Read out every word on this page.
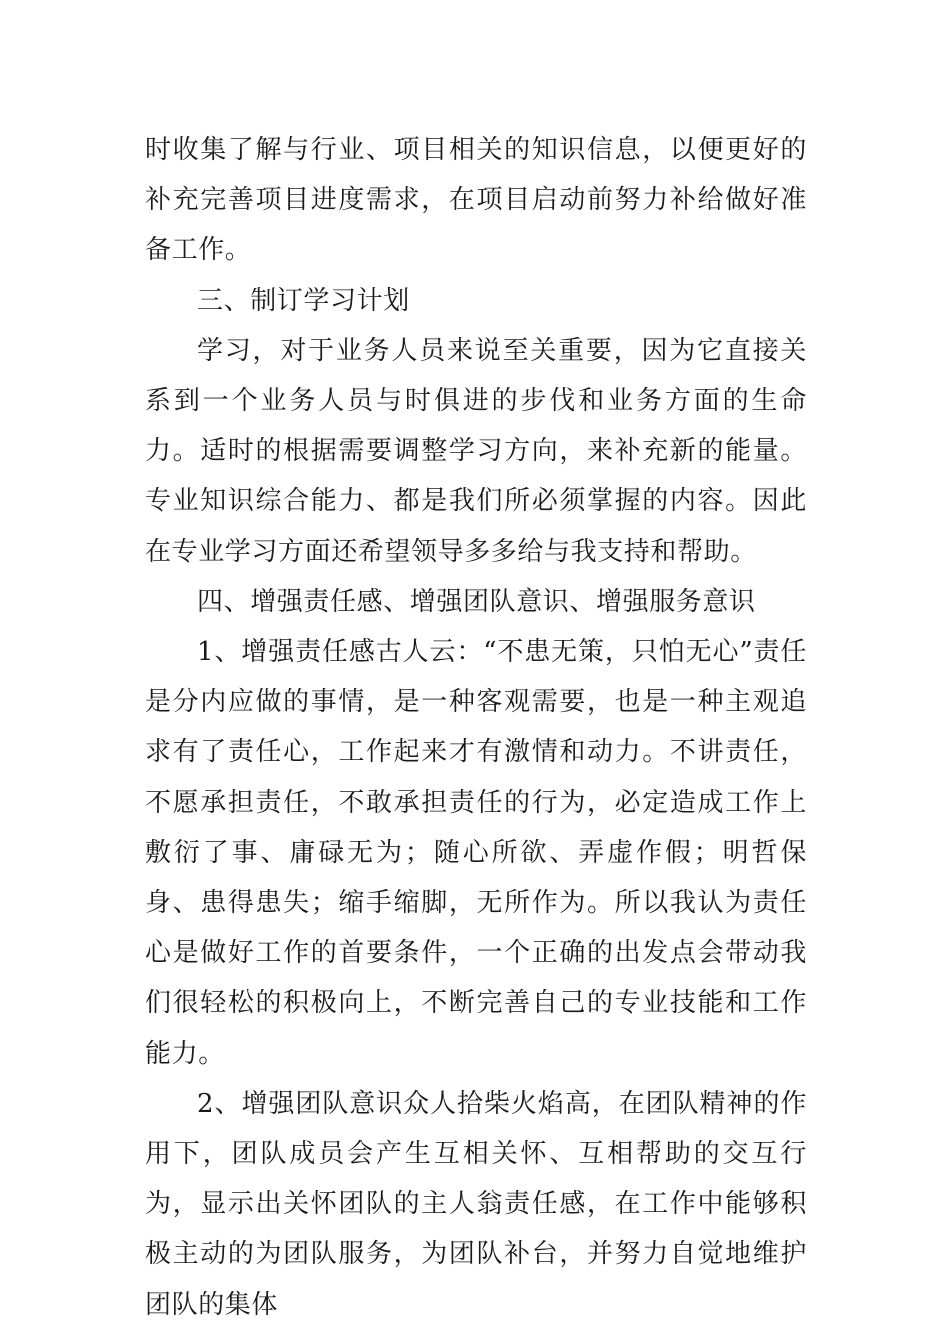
时收集了解与行业、项目相关的知识信息，以便更好的补充完善项目进度需求，在项目启动前努力补给做好准备工作。

三、制订学习计划

学习，对于业务人员来说至关重要，因为它直接关系到一个业务人员与时俱进的步伐和业务方面的生命力。适时的根据需要调整学习方向，来补充新的能量。专业知识综合能力、都是我们所必须掌握的内容。因此在专业学习方面还希望领导多多给与我支持和帮助。

四、增强责任感、增强团队意识、增强服务意识

1、增强责任感古人云：“不患无策，只怕无心”责任是分内应做的事情，是一种客观需要，也是一种主观追求有了责任心，工作起来才有激情和动力。不讲责任，不愿承担责任，不敢承担责任的行为，必定造成工作上敷衍了事、庸碌无为；随心所欲、弄虚作假；明哲保身、患得患失；缩手缩脚，无所作为。所以我认为责任心是做好工作的首要条件，一个正确的出发点会带动我们很轻松的积极向上，不断完善自己的专业技能和工作能力。

2、增强团队意识众人拾柴火焰高，在团队精神的作用下，团队成员会产生互相关怀、互相帮助的交互行为，显示出关怀团队的主人翁责任感，在工作中能够积极主动的为团队服务，为团队补台，并努力自觉地维护团队的集体
